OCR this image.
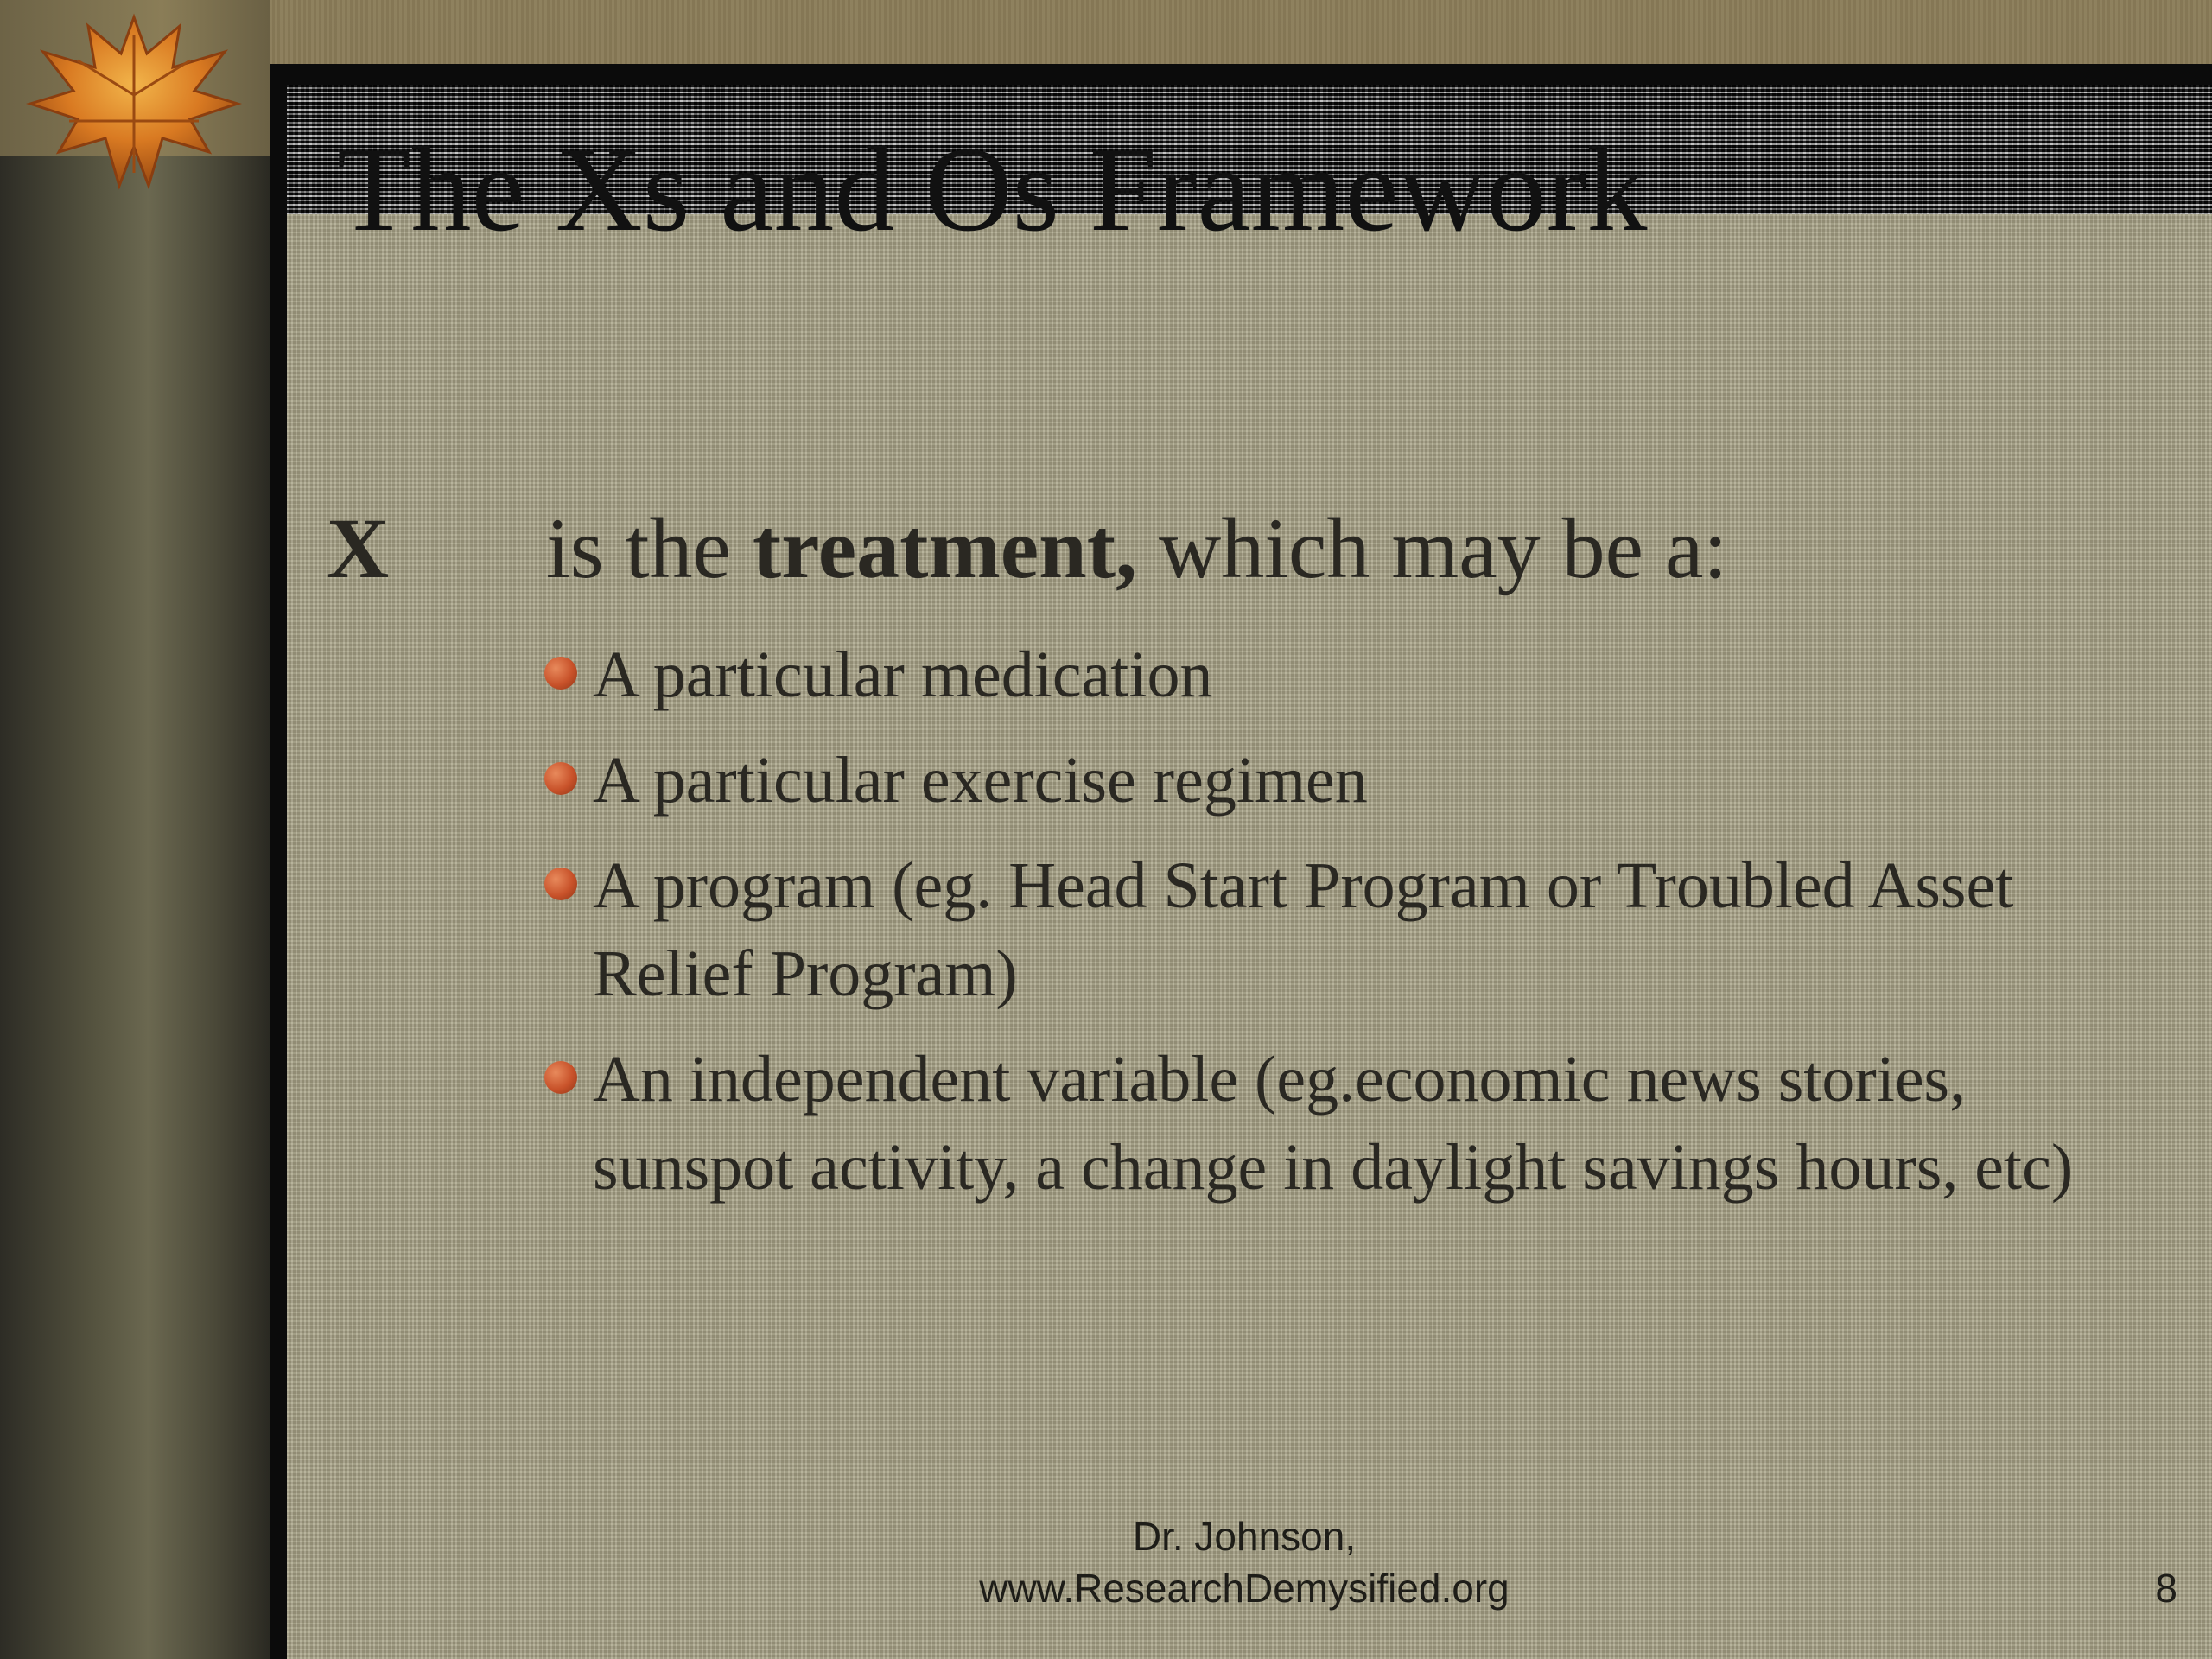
The Xs and Os Framework
X is the treatment, which may be a:
A particular medication
A particular exercise regimen
A program (eg. Head Start Program or Troubled Asset Relief Program)
An independent variable (eg.economic news stories, sunspot activity, a change in daylight savings hours, etc)
Dr. Johnson,
www.ResearchDemysified.org	8
